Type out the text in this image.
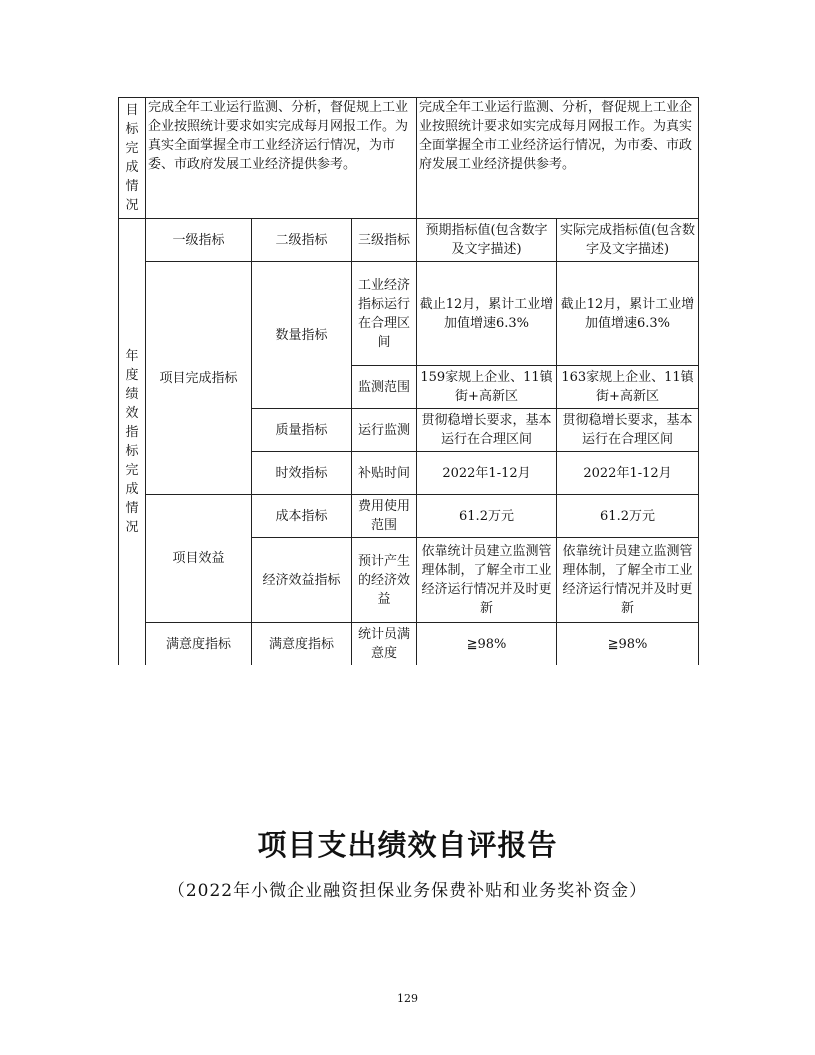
目标完成情况	完成全年工业运行监测、分析，督促规上工业企业按照统计要求如实完成每月网报工作。为真实全面掌握全市工业经济运行情况，为市委、市政府发展工业经济提供参考。			完成全年工业运行监测、分析，督促规上工业企业按照统计要求如实完成每月网报工作。为真实全面掌握全市工业经济运行情况，为市委、市政府发展工业经济提供参考。	

年度绩效指标完成情况	一级指标	二级指标	三级指标	预期指标值(包含数字及文字描述)	实际完成指标值(包含数字及文字描述)
	项目完成指标	数量指标	工业经济指标运行在合理区间	截止12月，累计工业增加值增速6.3%	截止12月，累计工业增加值增速6.3%
			监测范围	159家规上企业、11镇街+高新区	163家规上企业、11镇街+高新区
		质量指标	运行监测	贯彻稳增长要求，基本运行在合理区间	贯彻稳增长要求，基本运行在合理区间
		时效指标	补贴时间	2022年1-12月	2022年1-12月
	项目效益	成本指标	费用使用范围	61.2万元	61.2万元
		经济效益指标	预计产生的经济效益	依靠统计员建立监测管理体制，了解全市工业经济运行情况并及时更新	依靠统计员建立监测管理体制，了解全市工业经济运行情况并及时更新
	满意度指标	满意度指标	统计员满意度	≧98%	≧98%
项目支出绩效自评报告
（2022年小微企业融资担保业务保费补贴和业务奖补资金）
129
